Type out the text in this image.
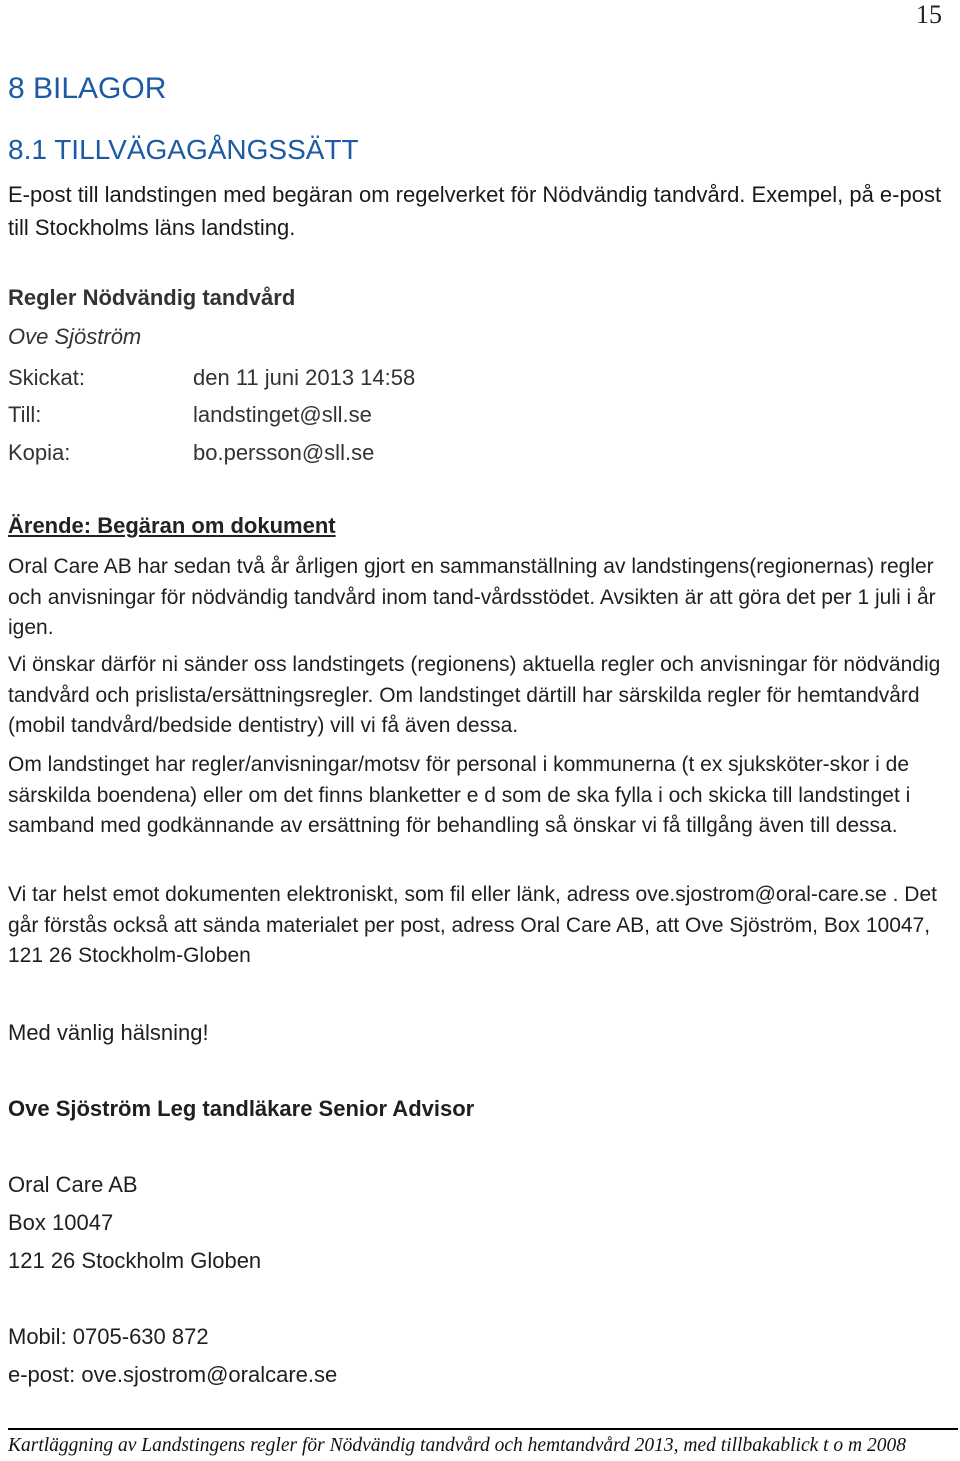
15
8 BILAGOR
8.1 TILLVÄGAGÅNGSSÄTT

E-post till landstingen med begäran om regelverket för Nödvändig tandvård. Exempel, på e-post till Stockholms läns landsting.

Regler Nödvändig tandvård
Ove Sjöström
Skickat:	den 11 juni 2013 14:58
Till:	landstinget@sll.se
Kopia:	bo.persson@sll.se
Ärende: Begäran om dokument

Oral Care AB har sedan två år årligen gjort en sammanställning av landstingens(regionernas) regler och anvisningar för nödvändig tandvård inom tand-vårdsstödet. Avsikten är att göra det per 1 juli i år igen.

Vi önskar därför ni sänder oss landstingets (regionens) aktuella regler och anvisningar för nödvändig tandvård och prislista/ersättningsregler. Om landstinget därtill har särskilda regler för hemtandvård (mobil tandvård/bedside dentistry) vill vi få även dessa.

Om landstinget har regler/anvisningar/motsv för personal i kommunerna (t ex sjuksköter-skor i de särskilda boendena) eller om det finns blanketter e d som de ska fylla i och skicka till landstinget i samband med godkännande av ersättning för behandling så önskar vi få tillgång även till dessa.

Vi tar helst emot dokumenten elektroniskt, som fil eller länk, adress ove.sjostrom@oral-care.se . Det går förstås också att sända materialet per post, adress Oral Care AB, att Ove Sjöström, Box 10047, 121 26 Stockholm-Globen

Med vänlig hälsning!
Ove Sjöström Leg tandläkare Senior Advisor
Oral Care AB
Box 10047
121 26 Stockholm Globen
Mobil: 0705-630 872
e-post: ove.sjostrom@oralcare.se
Kartläggning av Landstingens regler för Nödvändig tandvård och hemtandvård 2013, med tillbakablick t o m 2008
